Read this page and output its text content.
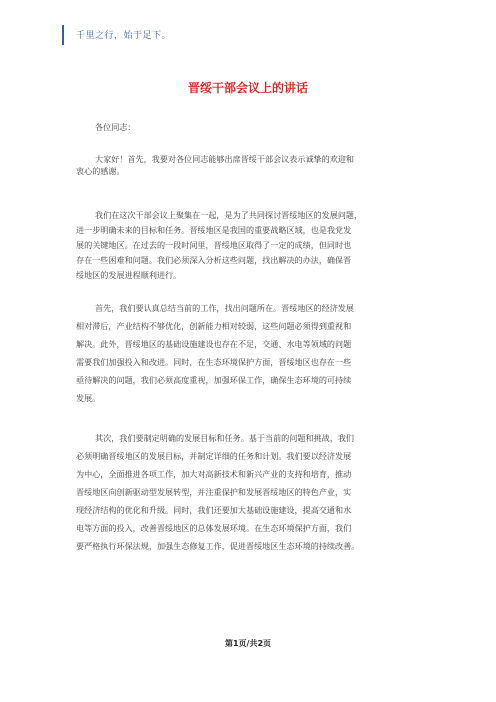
千里之行，始于足下。
晋绥干部会议上的讲话
各位同志：
大家好！首先，我要对各位同志能够出席晋绥干部会议表示诚挚的欢迎和
衷心的感谢。
我们在这次干部会议上聚集在一起，是为了共同探讨晋绥地区的发展问题，
进一步明确未来的目标和任务。晋绥地区是我国的重要战略区域，也是我党发
展的关键地区。在过去的一段时间里，晋绥地区取得了一定的成绩，但同时也
存在一些困难和问题。我们必须深入分析这些问题，找出解决的办法，确保晋
绥地区的发展进程顺利进行。
首先，我们要认真总结当前的工作，找出问题所在。晋绥地区的经济发展
相对滞后，产业结构不够优化，创新能力相对较弱，这些问题必须得到重视和
解决。此外，晋绥地区的基础设施建设也存在不足，交通、水电等领域的问题
需要我们加强投入和改进。同时，在生态环境保护方面，晋绥地区也存在一些
亟待解决的问题，我们必须高度重视，加强环保工作，确保生态环境的可持续
发展。
其次，我们要制定明确的发展目标和任务。基于当前的问题和挑战，我们
必须明确晋绥地区的发展目标，并制定详细的任务和计划。我们要以经济发展
为中心，全面推进各项工作，加大对高新技术和新兴产业的支持和培育，推动
晋绥地区向创新驱动型发展转型，并注重保护和发展晋绥地区的特色产业，实
现经济结构的优化和升级。同时，我们还要加大基础设施建设，提高交通和水
电等方面的投入，改善晋绥地区的总体发展环境。在生态环境保护方面，我们
要严格执行环保法规，加强生态修复工作，促进晋绥地区生态环境的持续改善。
第1页/共2页
